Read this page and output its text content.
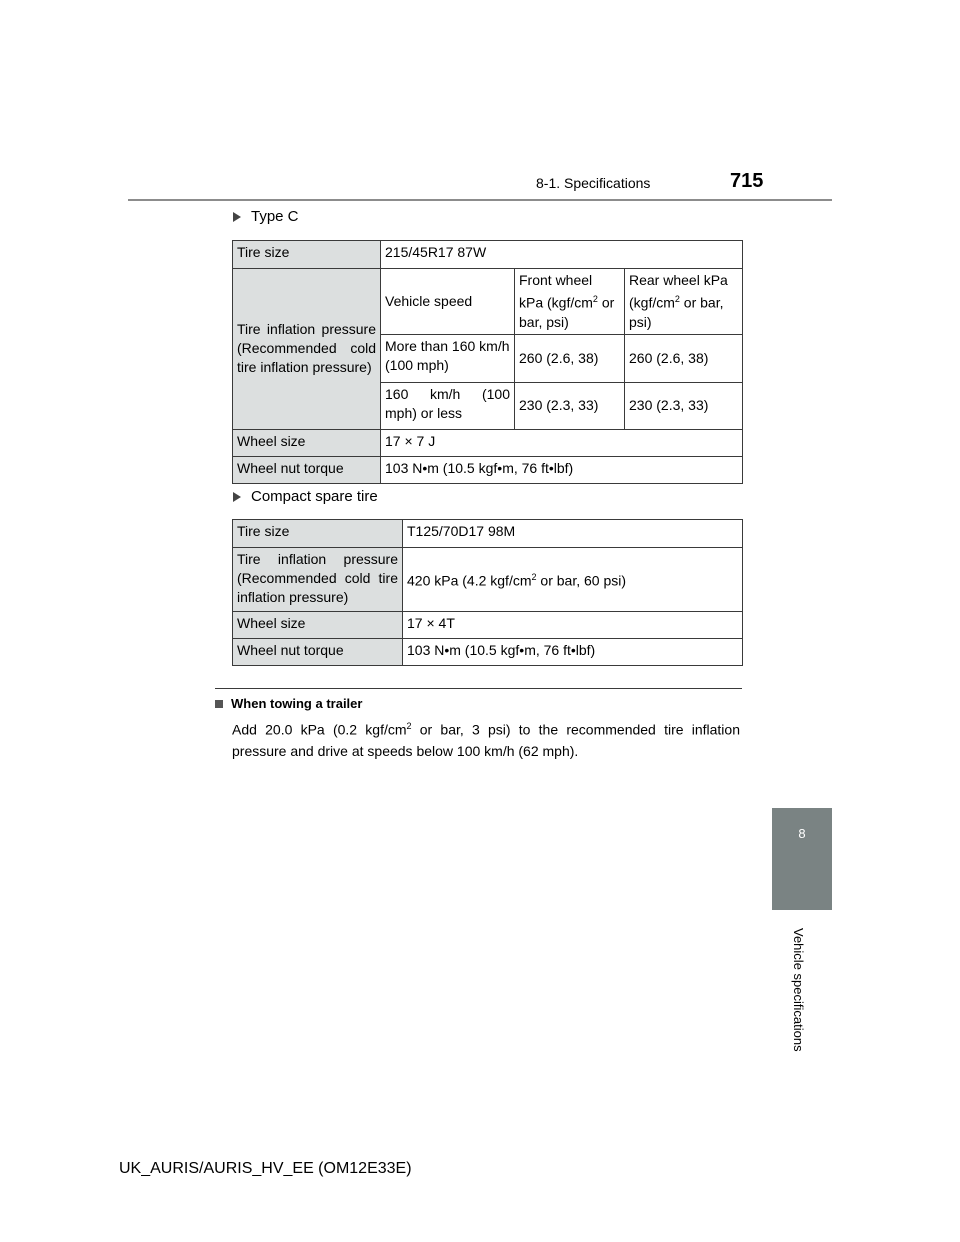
8-1. Specifications	715
8
Vehicle specifications
Type C
Tire size	215/45R17 87W		

Tire inflation pressure (Recommended cold tire inflation pressure)	Vehicle speed	Front wheel kPa ($kgf/cm^2$ or bar, psi)	Rear wheel kPa ($kgf/cm^2$ or bar, psi)
	More than 160 km/h (100 mph)	260 (2.6, 38)	260 (2.6, 38)
	160 km/h (100 mph) or less	230 (2.3, 33)	230 (2.3, 33)
Wheel size	17 × 7 J		
Wheel nut torque	103 N•m (10.5 kgf•m, 76 ft•lbf)		
Compact spare tire
Tire size	T125/70D17 98M
Tire inflation pressure (Recommended cold tire inflation pressure)	420 kPa (4.2 kgf/$cm^2$ or bar, 60 psi)
Wheel size	17 × 4T
Wheel nut torque	103 N•m (10.5 kgf•m, 76 ft•lbf)
When towing a trailer
Add 20.0 kPa (0.2 kgf/$cm^2$ or bar, 3 psi) to the recommended tire inflation pressure and drive at speeds below 100 km/h (62 mph).
UK_AURIS/AURIS_HV_EE (OM12E33E)
